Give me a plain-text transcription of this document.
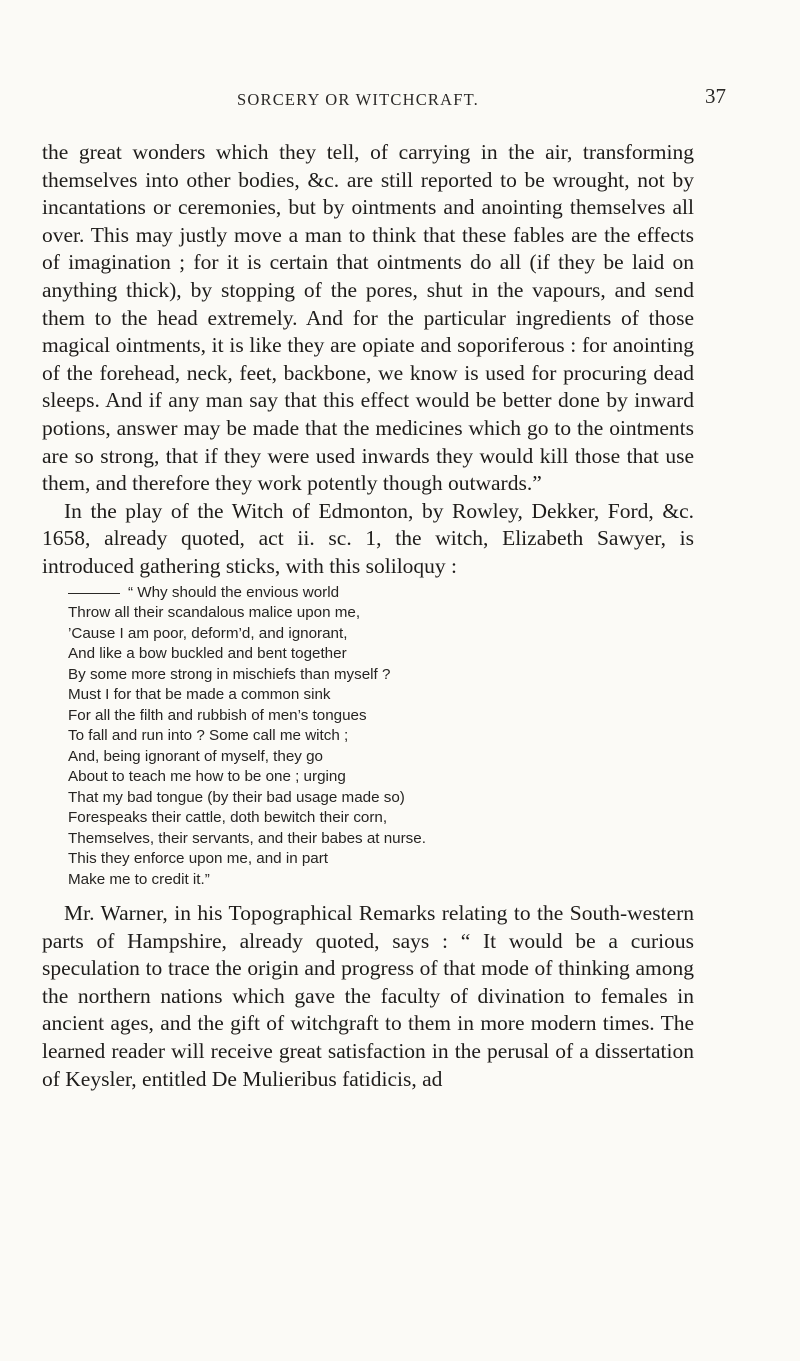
SORCERY OR WITCHCRAFT.	37

the great wonders which they tell, of carrying in the air, transforming themselves into other bodies, &c. are still reported to be wrought, not by incantations or ceremonies, but by ointments and anointing themselves all over. This may justly move a man to think that these fables are the effects of imagination ; for it is certain that ointments do all (if they be laid on anything thick), by stopping of the pores, shut in the vapours, and send them to the head extremely. And for the particular ingredients of those magical ointments, it is like they are opiate and soporiferous : for anointing of the forehead, neck, feet, backbone, we know is used for procuring dead sleeps. And if any man say that this effect would be better done by inward potions, answer may be made that the medicines which go to the ointments are so strong, that if they were used inwards they would kill those that use them, and therefore they work potently though outwards.”

In the play of the Witch of Edmonton, by Rowley, Dekker, Ford, &c. 1658, already quoted, act ii. sc. 1, the witch, Elizabeth Sawyer, is introduced gathering sticks, with this soliloquy :

“ Why should the envious world
Throw all their scandalous malice upon me,
’Cause I am poor, deform’d, and ignorant,
And like a bow buckled and bent together
By some more strong in mischiefs than myself ?
Must I for that be made a common sink
For all the filth and rubbish of men’s tongues
To fall and run into ? Some call me witch ;
And, being ignorant of myself, they go
About to teach me how to be one ; urging
That my bad tongue (by their bad usage made so)
Forespeaks their cattle, doth bewitch their corn,
Themselves, their servants, and their babes at nurse.
This they enforce upon me, and in part
Make me to credit it.”

Mr. Warner, in his Topographical Remarks relating to the South-western parts of Hampshire, already quoted, says : “ It would be a curious speculation to trace the origin and progress of that mode of thinking among the northern nations which gave the faculty of divination to females in ancient ages, and the gift of witchgraft to them in more modern times. The learned reader will receive great satisfaction in the perusal of a dissertation of Keysler, entitled De Mulieribus fatidicis, ad
